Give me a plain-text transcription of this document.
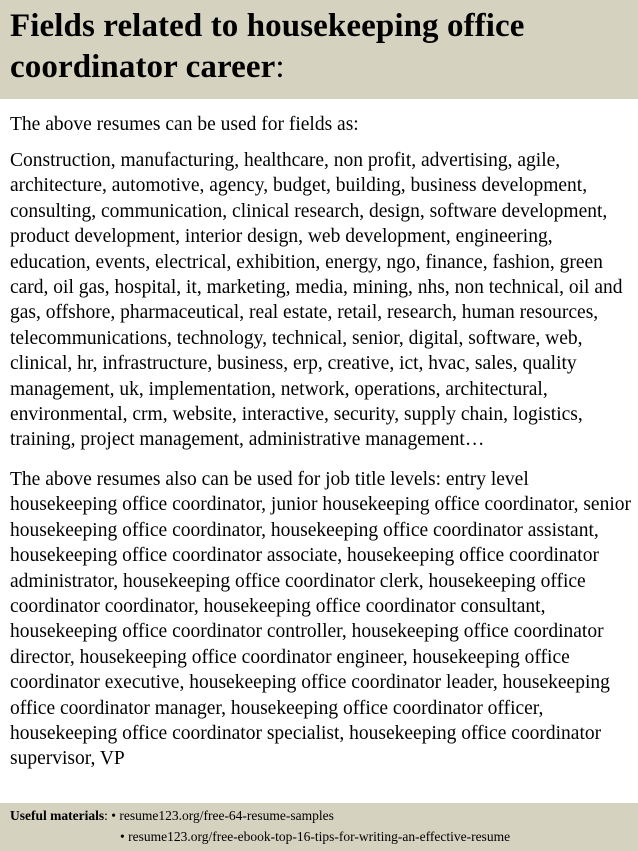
Fields related to housekeeping office coordinator career:

The above resumes can be used for fields as:

Construction, manufacturing, healthcare, non profit, advertising, agile, architecture, automotive, agency, budget, building, business development, consulting, communication, clinical research, design, software development, product development, interior design, web development, engineering, education, events, electrical, exhibition, energy, ngo, finance, fashion, green card, oil gas, hospital, it, marketing, media, mining, nhs, non technical, oil and gas, offshore, pharmaceutical, real estate, retail, research, human resources, telecommunications, technology, technical, senior, digital, software, web, clinical, hr, infrastructure, business, erp, creative, ict, hvac, sales, quality management, uk, implementation, network, operations, architectural, environmental, crm, website, interactive, security, supply chain, logistics, training, project management, administrative management…

The above resumes also can be used for job title levels: entry level housekeeping office coordinator, junior housekeeping office coordinator, senior housekeeping office coordinator, housekeeping office coordinator assistant, housekeeping office coordinator associate, housekeeping office coordinator administrator, housekeeping office coordinator clerk, housekeeping office coordinator coordinator, housekeeping office coordinator consultant, housekeeping office coordinator controller, housekeeping office coordinator director, housekeeping office coordinator engineer, housekeeping office coordinator executive, housekeeping office coordinator leader, housekeeping office coordinator manager, housekeeping office coordinator officer, housekeeping office coordinator specialist, housekeeping office coordinator supervisor, VP

Useful materials: • resume123.org/free-64-resume-samples
• resume123.org/free-ebook-top-16-tips-for-writing-an-effective-resume
